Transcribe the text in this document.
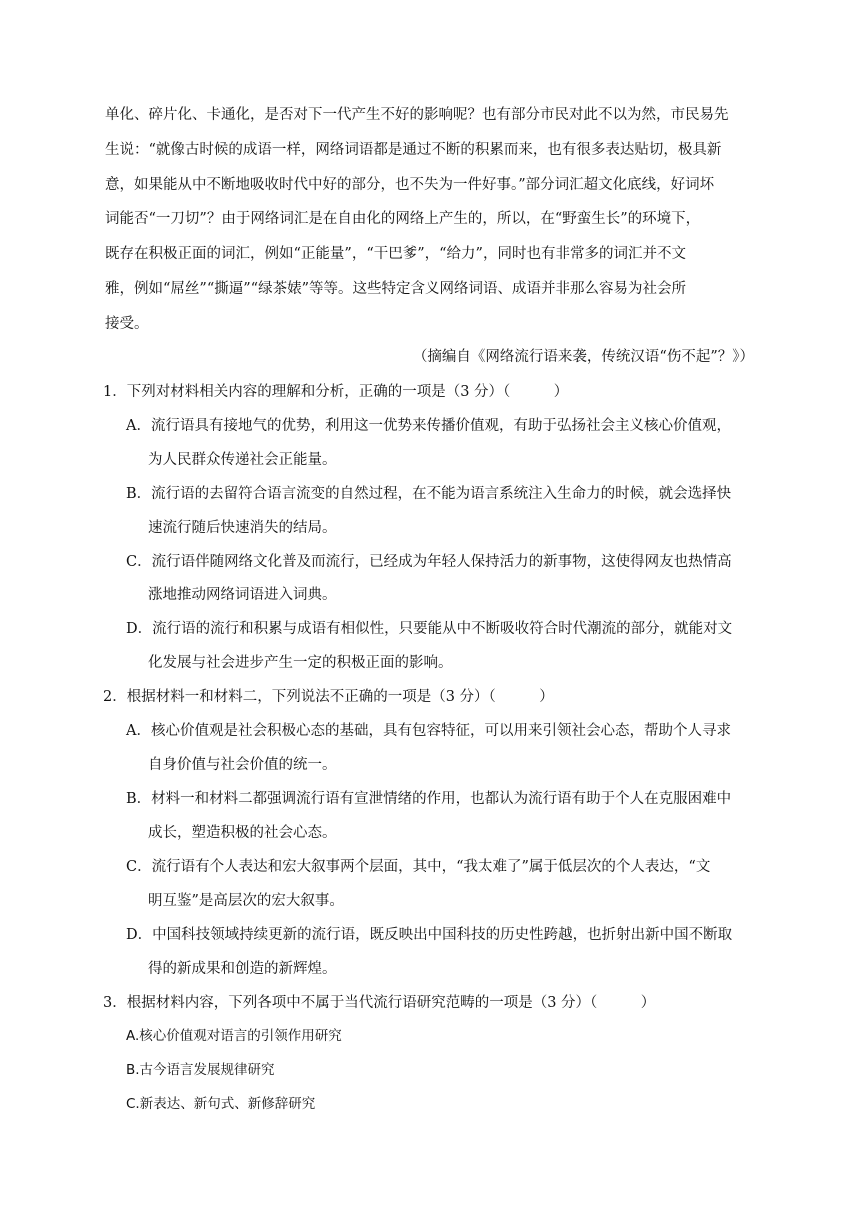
单化、碎片化、卡通化，是否对下一代产生不好的影响呢？也有部分市民对此不以为然，市民易先
生说：“就像古时候的成语一样，网络词语都是通过不断的积累而来，也有很多表达贴切，极具新
意，如果能从中不断地吸收时代中好的部分，也不失为一件好事。”部分词汇超文化底线，好词坏
词能否“一刀切”？由于网络词汇是在自由化的网络上产生的，所以，在“野蛮生长”的环境下，
既存在积极正面的词汇，例如“正能量”，“干巴爹”，“给力”，同时也有非常多的词汇并不文
雅，例如“屌丝”“撕逼”“绿茶婊”等等。这些特定含义网络词语、成语并非那么容易为社会所
接受。
（摘编自《网络流行语来袭，传统汉语“伤不起”？》）
1．下列对材料相关内容的理解和分析，正确的一项是（3 分）（　　　）
A．流行语具有接地气的优势，利用这一优势来传播价值观，有助于弘扬社会主义核心价值观，
为人民群众传递社会正能量。
B．流行语的去留符合语言流变的自然过程，在不能为语言系统注入生命力的时候，就会选择快
速流行随后快速消失的结局。
C．流行语伴随网络文化普及而流行，已经成为年轻人保持活力的新事物，这使得网友也热情高
涨地推动网络词语进入词典。
D．流行语的流行和积累与成语有相似性，只要能从中不断吸收符合时代潮流的部分，就能对文
化发展与社会进步产生一定的积极正面的影响。
2．根据材料一和材料二，下列说法不正确的一项是（3 分）（　　　）
A．核心价值观是社会积极心态的基础，具有包容特征，可以用来引领社会心态，帮助个人寻求
自身价值与社会价值的统一。
B．材料一和材料二都强调流行语有宣泄情绪的作用，也都认为流行语有助于个人在克服困难中
成长，塑造积极的社会心态。
C．流行语有个人表达和宏大叙事两个层面，其中，“我太难了”属于低层次的个人表达，“文
明互鉴”是高层次的宏大叙事。
D．中国科技领域持续更新的流行语，既反映出中国科技的历史性跨越，也折射出新中国不断取
得的新成果和创造的新辉煌。
3．根据材料内容，下列各项中不属于当代流行语研究范畴的一项是（3 分）（　　　）
A.核心价值观对语言的引领作用研究
B.古今语言发展规律研究
C.新表达、新句式、新修辞研究
